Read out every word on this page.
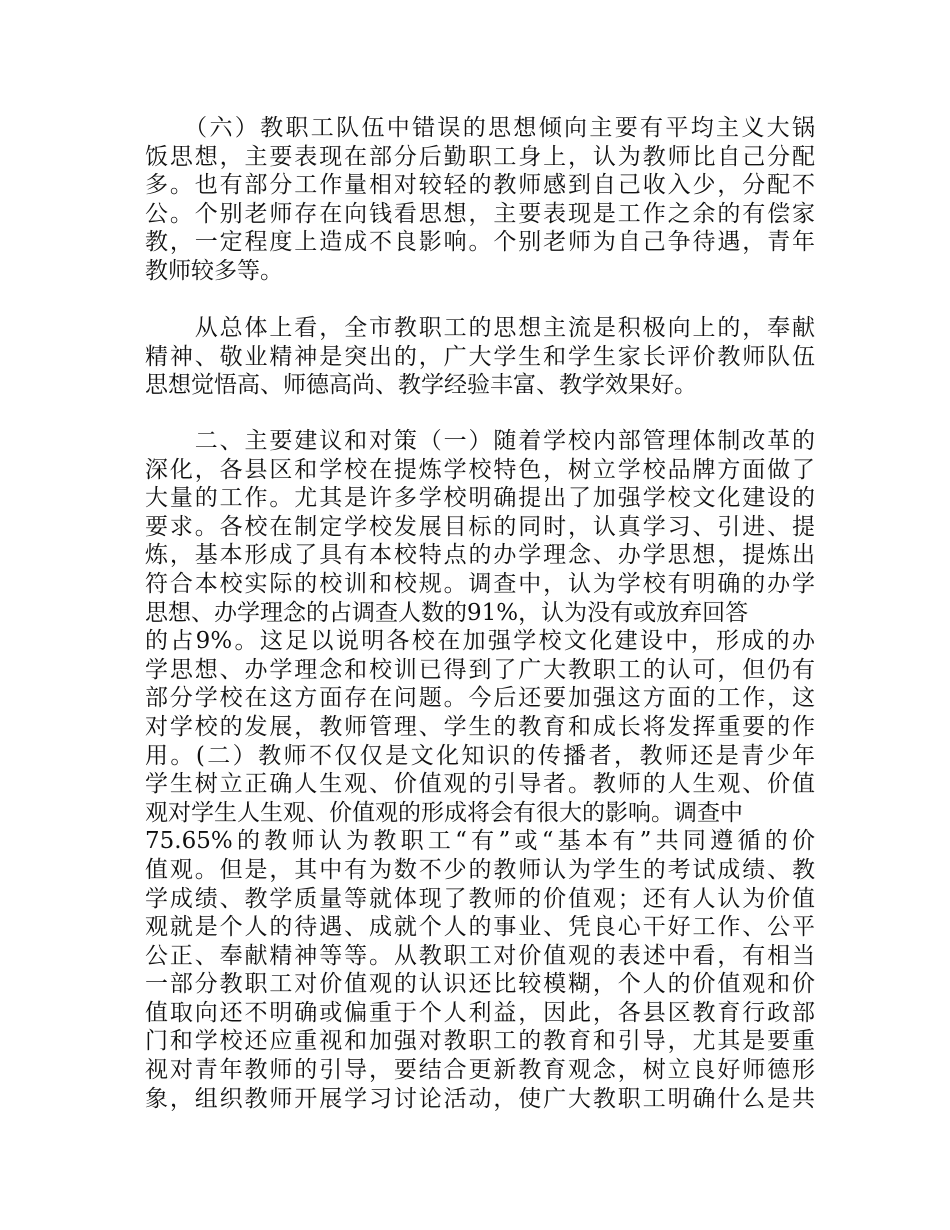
　　（六）教职工队伍中错误的思想倾向主要有平均主义大锅
饭思想，主要表现在部分后勤职工身上，认为教师比自己分配
多。也有部分工作量相对较轻的教师感到自己收入少，分配不
公。个别老师存在向钱看思想，主要表现是工作之余的有偿家
教，一定程度上造成不良影响。个别老师为自己争待遇，青年
教师较多等。
　　从总体上看，全市教职工的思想主流是积极向上的，奉献
精神、敬业精神是突出的，广大学生和学生家长评价教师队伍
思想觉悟高、师德高尚、教学经验丰富、教学效果好。
　　二、主要建议和对策（一）随着学校内部管理体制改革的
深化，各县区和学校在提炼学校特色，树立学校品牌方面做了
大量的工作。尤其是许多学校明确提出了加强学校文化建设的
要求。各校在制定学校发展目标的同时，认真学习、引进、提
炼，基本形成了具有本校特点的办学理念、办学思想，提炼出
符合本校实际的校训和校规。调查中，认为学校有明确的办学
思想、办学理念的占调查人数的91%，认为没有或放弃回答
的占9%。这足以说明各校在加强学校文化建设中，形成的办
学思想、办学理念和校训已得到了广大教职工的认可，但仍有
部分学校在这方面存在问题。今后还要加强这方面的工作，这
对学校的发展，教师管理、学生的教育和成长将发挥重要的作
用。(二）教师不仅仅是文化知识的传播者，教师还是青少年
学生树立正确人生观、价值观的引导者。教师的人生观、价值
观对学生人生观、价值观的形成将会有很大的影响。调查中
75.65%的教师认为教职工“有”或“基本有”共同遵循的价
值观。但是，其中有为数不少的教师认为学生的考试成绩、教
学成绩、教学质量等就体现了教师的价值观；还有人认为价值
观就是个人的待遇、成就个人的事业、凭良心干好工作、公平
公正、奉献精神等等。从教职工对价值观的表述中看，有相当
一部分教职工对价值观的认识还比较模糊，个人的价值观和价
值取向还不明确或偏重于个人利益，因此，各县区教育行政部
门和学校还应重视和加强对教职工的教育和引导，尤其是要重
视对青年教师的引导，要结合更新教育观念，树立良好师德形
象，组织教师开展学习讨论活动，使广大教职工明确什么是共
